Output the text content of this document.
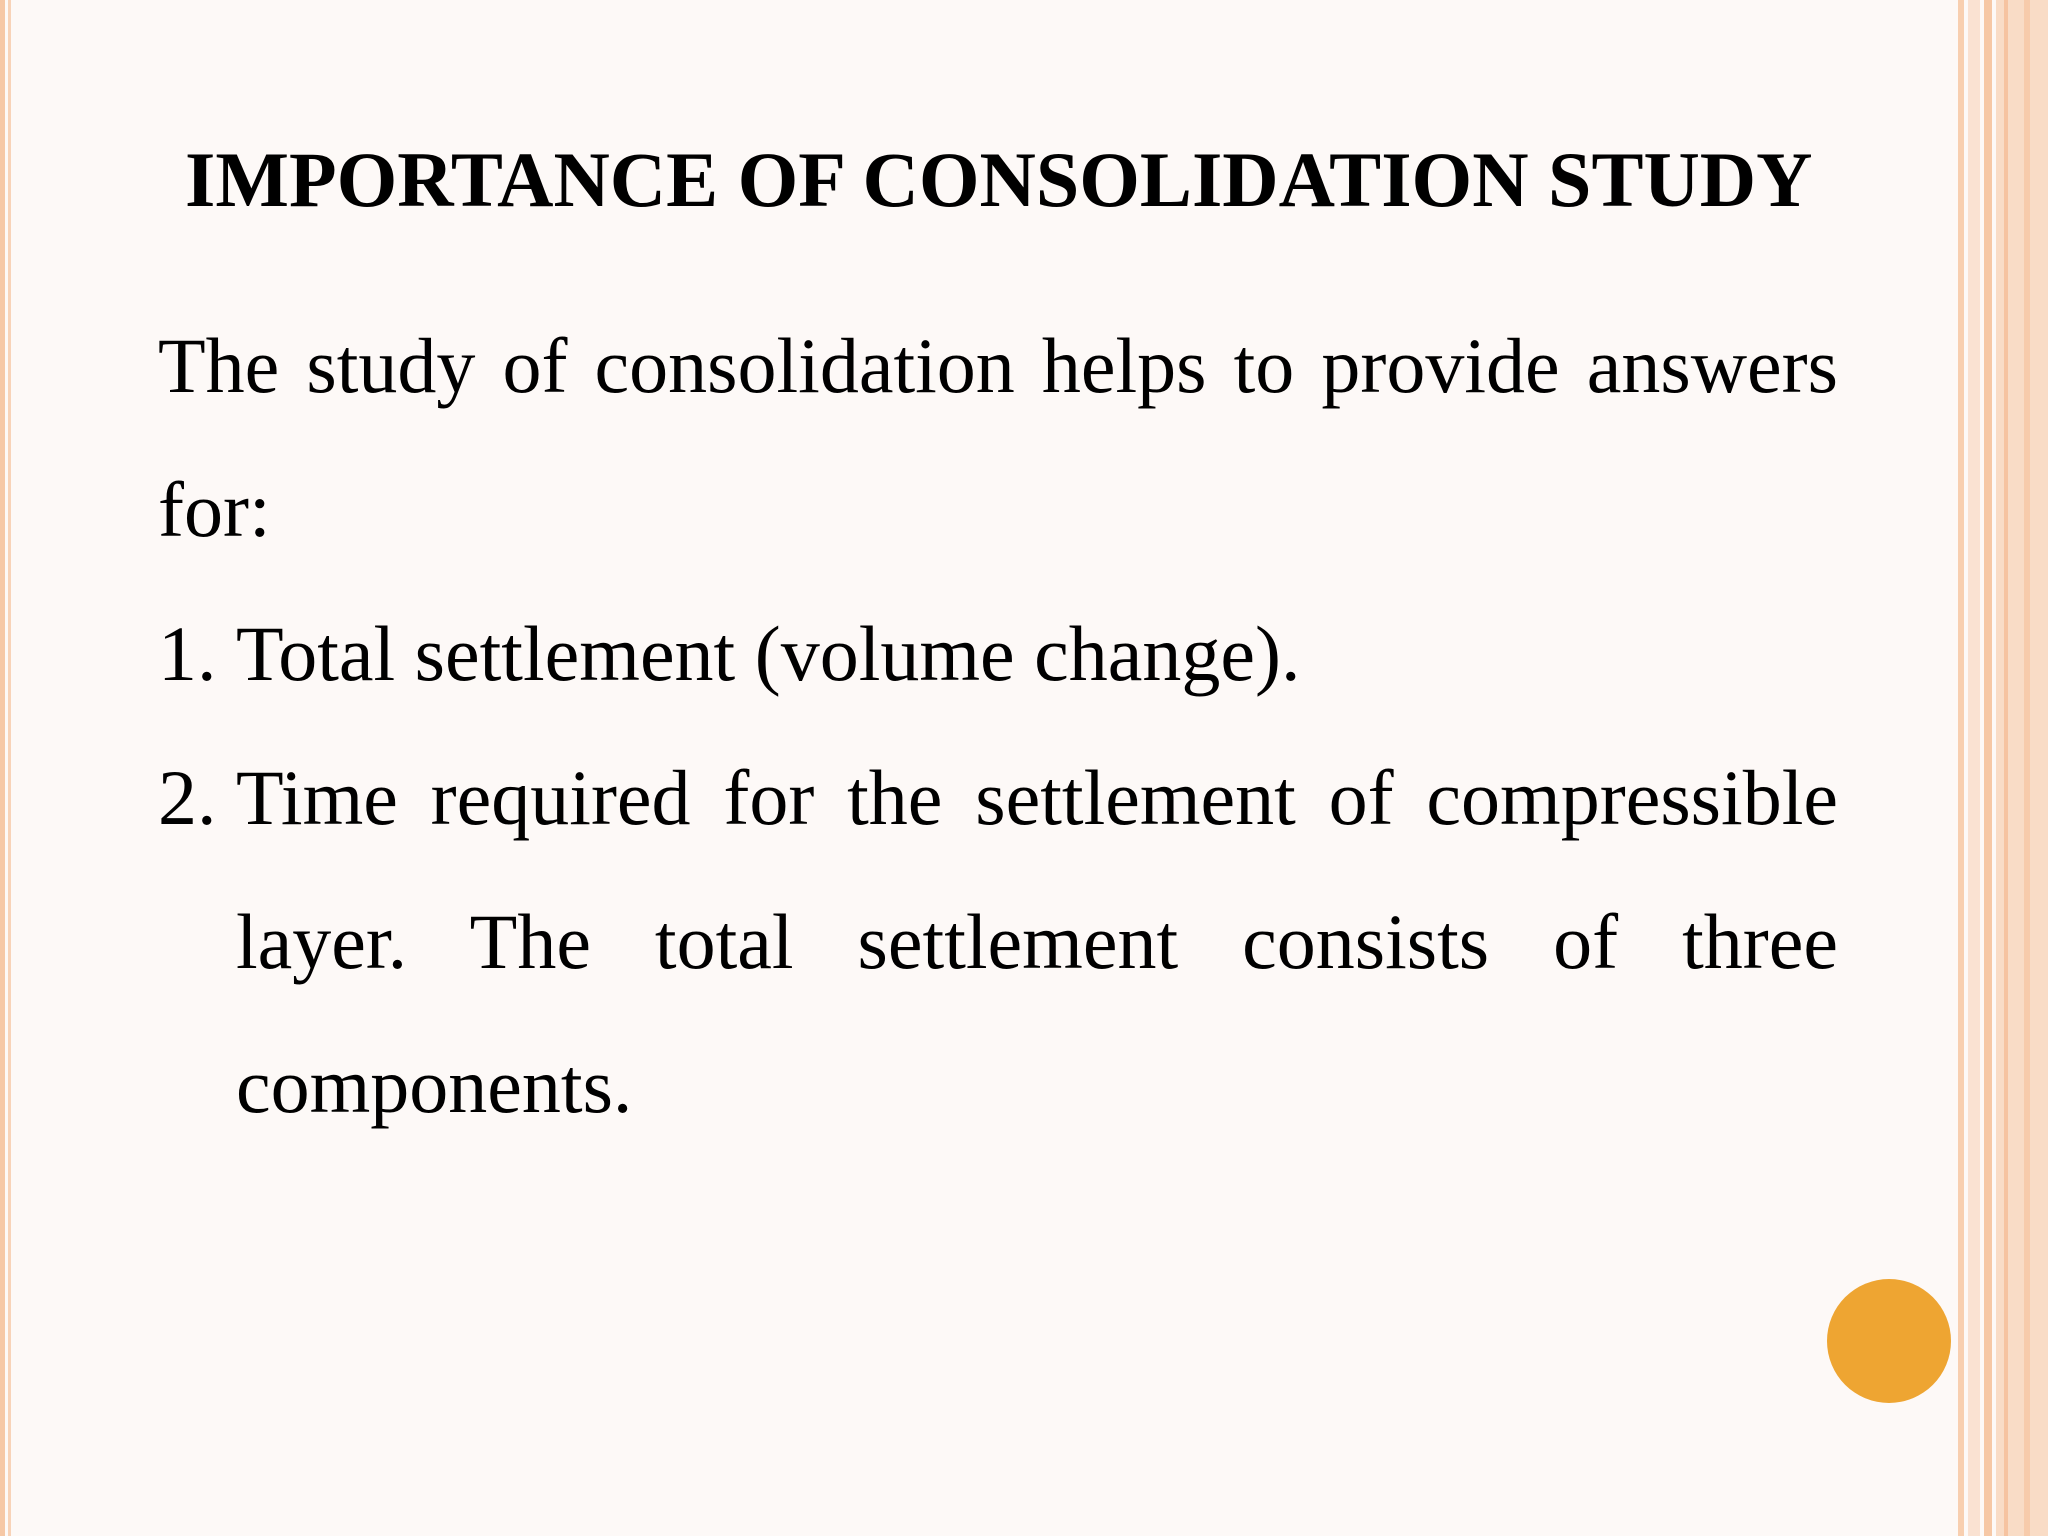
IMPORTANCE OF CONSOLIDATION STUDY
The study of consolidation helps to provide answers for:
1. Total settlement (volume change).
2. Time required for the settlement of compressible layer. The total settlement consists of three components.
